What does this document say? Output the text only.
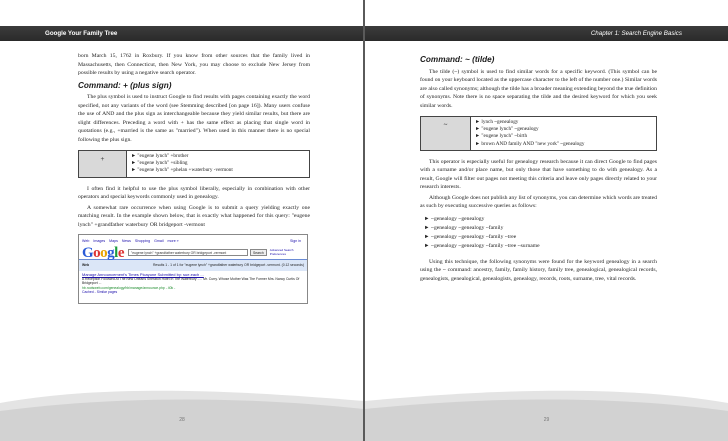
Google Your Family Tree

born March 15, 1762 in Roxbury. If you know from other sources that the family lived in Massachusetts, then Connecticut, then New York, you may choose to exclude New Jersey from possible results by using a negative search operator.

Command: + (plus sign)

The plus symbol is used to instruct Google to find results with pages containing exactly the word specified, not any variants of the word (see Stemming described [on page 16]). Many users confuse the use of AND and the plus sign as interchangeable because they yield similar results, but there are slight differences. Preceding a word with + has the same effect as placing that single word in quotations (e.g., +married is the same as "married"). When used in this manner there is no special following the plus sign.

+	► "eugene lynch" +brother
► "eugene lynch" +sibling
► "eugene lynch" +phelan +waterbury -vermont

I often find it helpful to use the plus symbol liberally, especially in combination with other operators and special keywords commonly used in genealogy.

A somewhat rare occurrence when using Google is to submit a query yielding exactly one matching result. In the example shown below, that is exactly what happened for this query: "eugene lynch" +grandfather waterbury OR bridgeport -vermont

Web Images Maps News Shopping Gmail more »	Sign in
Google	"eugene lynch" +grandfather waterbury OR bridgeport -vermont	Search
Advanced Search
Preferences
Web	Results 1 - 1 of 1 for "eugene lynch" +grandfather waterbury OR bridgeport -vermont. (0.12 seconds)
Manage Announcement's Times Picayune Submitted by: sue.each ...
A Reception Followed At The New Orleans Sheraton Hotel In The Waterbury ..... Mr. Curry. Whose Mother Was The Former Mrs. Nancy Curtis Of Bridgeport ...
hb.rootsweb.com/genealogy/hb/manage/announce.php - 40k -
Cached - Similar pages
28
Chapter 1: Search Engine Basics
Command: ~ (tilde)

The tilde (~) symbol is used to find similar words for a specific keyword. (This symbol can be found on your keyboard located as the uppercase character to the left of the number one.) Similar words are also called synonyms; although the tilde has a broader meaning extending beyond the true definition of synonyms. Note there is no space separating the tilde and the desired keyword for which you seek similar words.

~	► lynch ~genealogy
► "eugene lynch" ~genealogy
► "eugene lynch" ~birth
► brown AND family AND "new york" ~genealogy

This operator is especially useful for genealogy research because it can direct Google to find pages with a surname and/or place name, but only those that have something to do with genealogy. As a result, Google will filter out pages not meeting this criteria and leave only pages directly related to your research interests.

Although Google does not publish any list of synonyms, you can determine which words are treated as such by executing successive queries as follows:

► ~genealogy ~genealogy
► ~genealogy ~genealogy ~family
► ~genealogy ~genealogy ~family ~tree
► ~genealogy ~genealogy ~family ~tree ~surname

Using this technique, the following synonyms were found for the keyword genealogy in a search using the ~ command: ancestry, family, family history, family tree, genealogical, genealogical records, genealogists, genealogical, genealogists, genealogy, records, roots, surname, tree, vital records.

29
